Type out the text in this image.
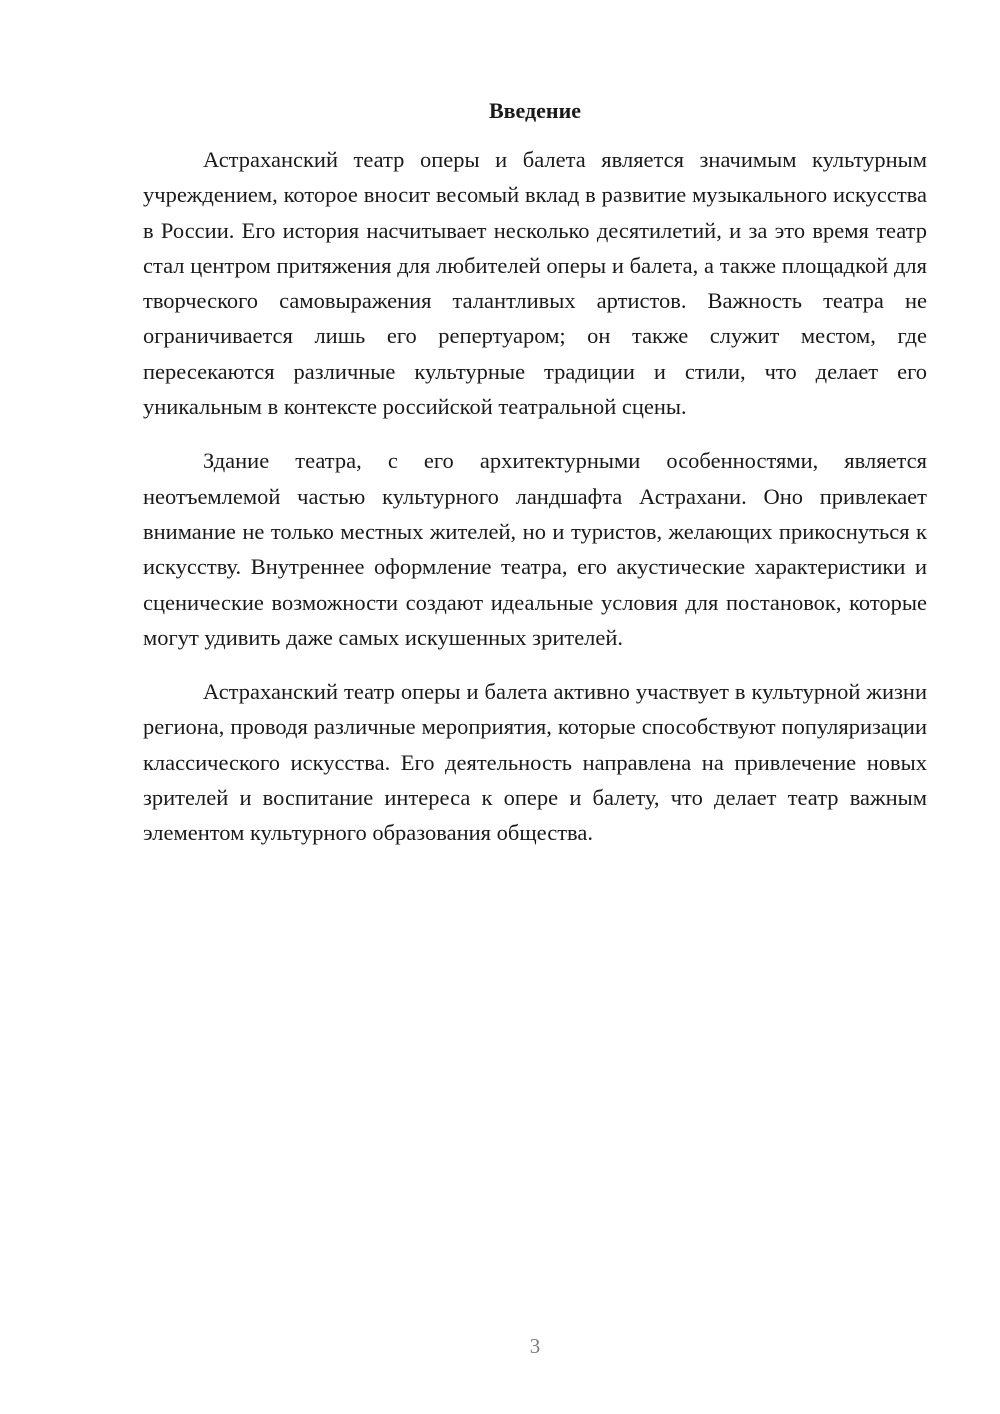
Введение

Астраханский театр оперы и балета является значимым культурным учреждением, которое вносит весомый вклад в развитие музыкального искусства в России. Его история насчитывает несколько десятилетий, и за это время театр стал центром притяжения для любителей оперы и балета, а также площадкой для творческого самовыражения талантливых артистов. Важность театра не ограничивается лишь его репертуаром; он также служит местом, где пересекаются различные культурные традиции и стили, что делает его уникальным в контексте российской театральной сцены.

Здание театра, с его архитектурными особенностями, является неотъемлемой частью культурного ландшафта Астрахани. Оно привлекает внимание не только местных жителей, но и туристов, желающих прикоснуться к искусству. Внутреннее оформление театра, его акустические характеристики и сценические возможности создают идеальные условия для постановок, которые могут удивить даже самых искушенных зрителей.

Астраханский театр оперы и балета активно участвует в культурной жизни региона, проводя различные мероприятия, которые способствуют популяризации классического искусства. Его деятельность направлена на привлечение новых зрителей и воспитание интереса к опере и балету, что делает театр важным элементом культурного образования общества.

3
